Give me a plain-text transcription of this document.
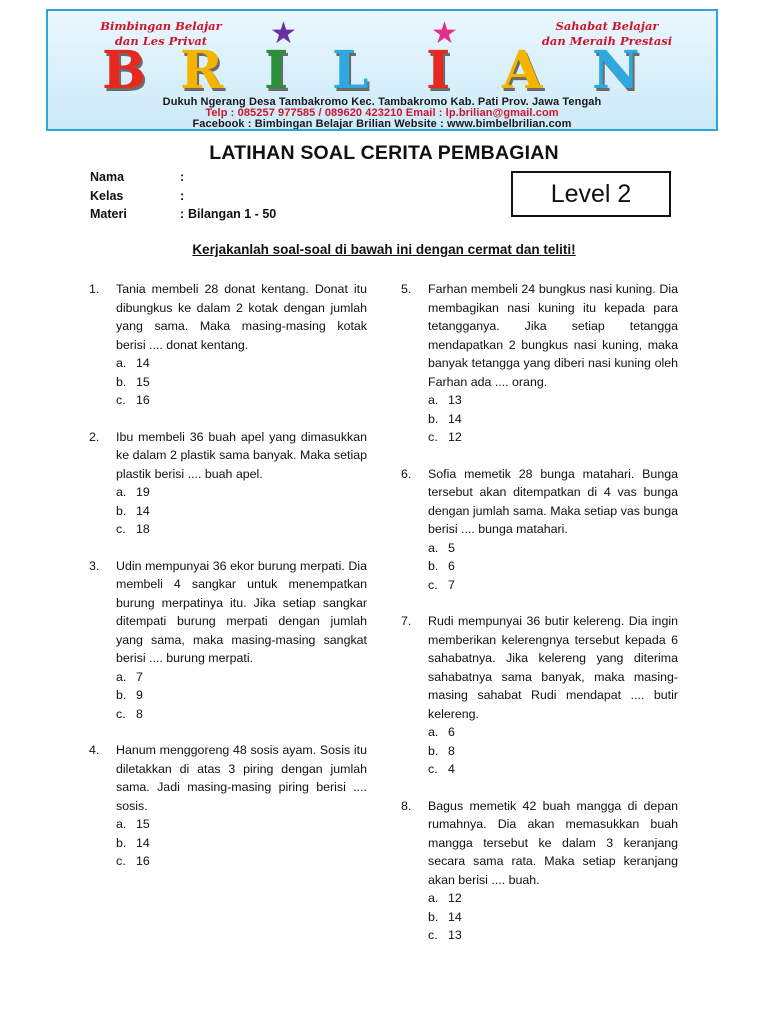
Bimbingan Belajar
dan Les Privat
Sahabat Belajar
dan Meraih Prestasi
B R I L I A N
★	★
Dukuh Ngerang Desa Tambakromo Kec. Tambakromo Kab. Pati Prov. Jawa Tengah
Telp : 085257 977585 / 089620 423210 Email : lp.brilian@gmail.com
Facebook : Bimbingan Belajar Brilian Website : www.bimbelbrilian.com
LATIHAN SOAL CERITA PEMBAGIAN
Nama	:
Kelas	:
Materi	: Bilangan 1 - 50
Level 2
Kerjakanlah soal-soal di bawah ini dengan cermat dan teliti!
1. Tania membeli 28 donat kentang. Donat itu dibungkus ke dalam 2 kotak dengan jumlah yang sama. Maka masing-masing kotak berisi .... donat kentang.
a. 14
b. 15
c. 16
2. Ibu membeli 36 buah apel yang dimasukkan ke dalam 2 plastik sama banyak. Maka setiap plastik berisi .... buah apel.
a. 19
b. 14
c. 18
3. Udin mempunyai 36 ekor burung merpati. Dia membeli 4 sangkar untuk menempatkan burung merpatinya itu. Jika setiap sangkar ditempati burung merpati dengan jumlah yang sama, maka masing-masing sangkat berisi .... burung merpati.
a. 7
b. 9
c. 8
4. Hanum menggoreng 48 sosis ayam. Sosis itu diletakkan di atas 3 piring dengan jumlah sama. Jadi masing-masing piring berisi .... sosis.
a. 15
b. 14
c. 16
5. Farhan membeli 24 bungkus nasi kuning. Dia membagikan nasi kuning itu kepada para tetangganya. Jika setiap tetangga mendapatkan 2 bungkus nasi kuning, maka banyak tetangga yang diberi nasi kuning oleh Farhan ada .... orang.
a. 13
b. 14
c. 12
6. Sofia memetik 28 bunga matahari. Bunga tersebut akan ditempatkan di 4 vas bunga dengan jumlah sama. Maka setiap vas bunga berisi .... bunga matahari.
a. 5
b. 6
c. 7
7. Rudi mempunyai 36 butir kelereng. Dia ingin memberikan kelerengnya tersebut kepada 6 sahabatnya. Jika kelereng yang diterima sahabatnya sama banyak, maka masing-masing sahabat Rudi mendapat .... butir kelereng.
a. 6
b. 8
c. 4
8. Bagus memetik 42 buah mangga di depan rumahnya. Dia akan memasukkan buah mangga tersebut ke dalam 3 keranjang secara sama rata. Maka setiap keranjang akan berisi .... buah.
a. 12
b. 14
c. 13
